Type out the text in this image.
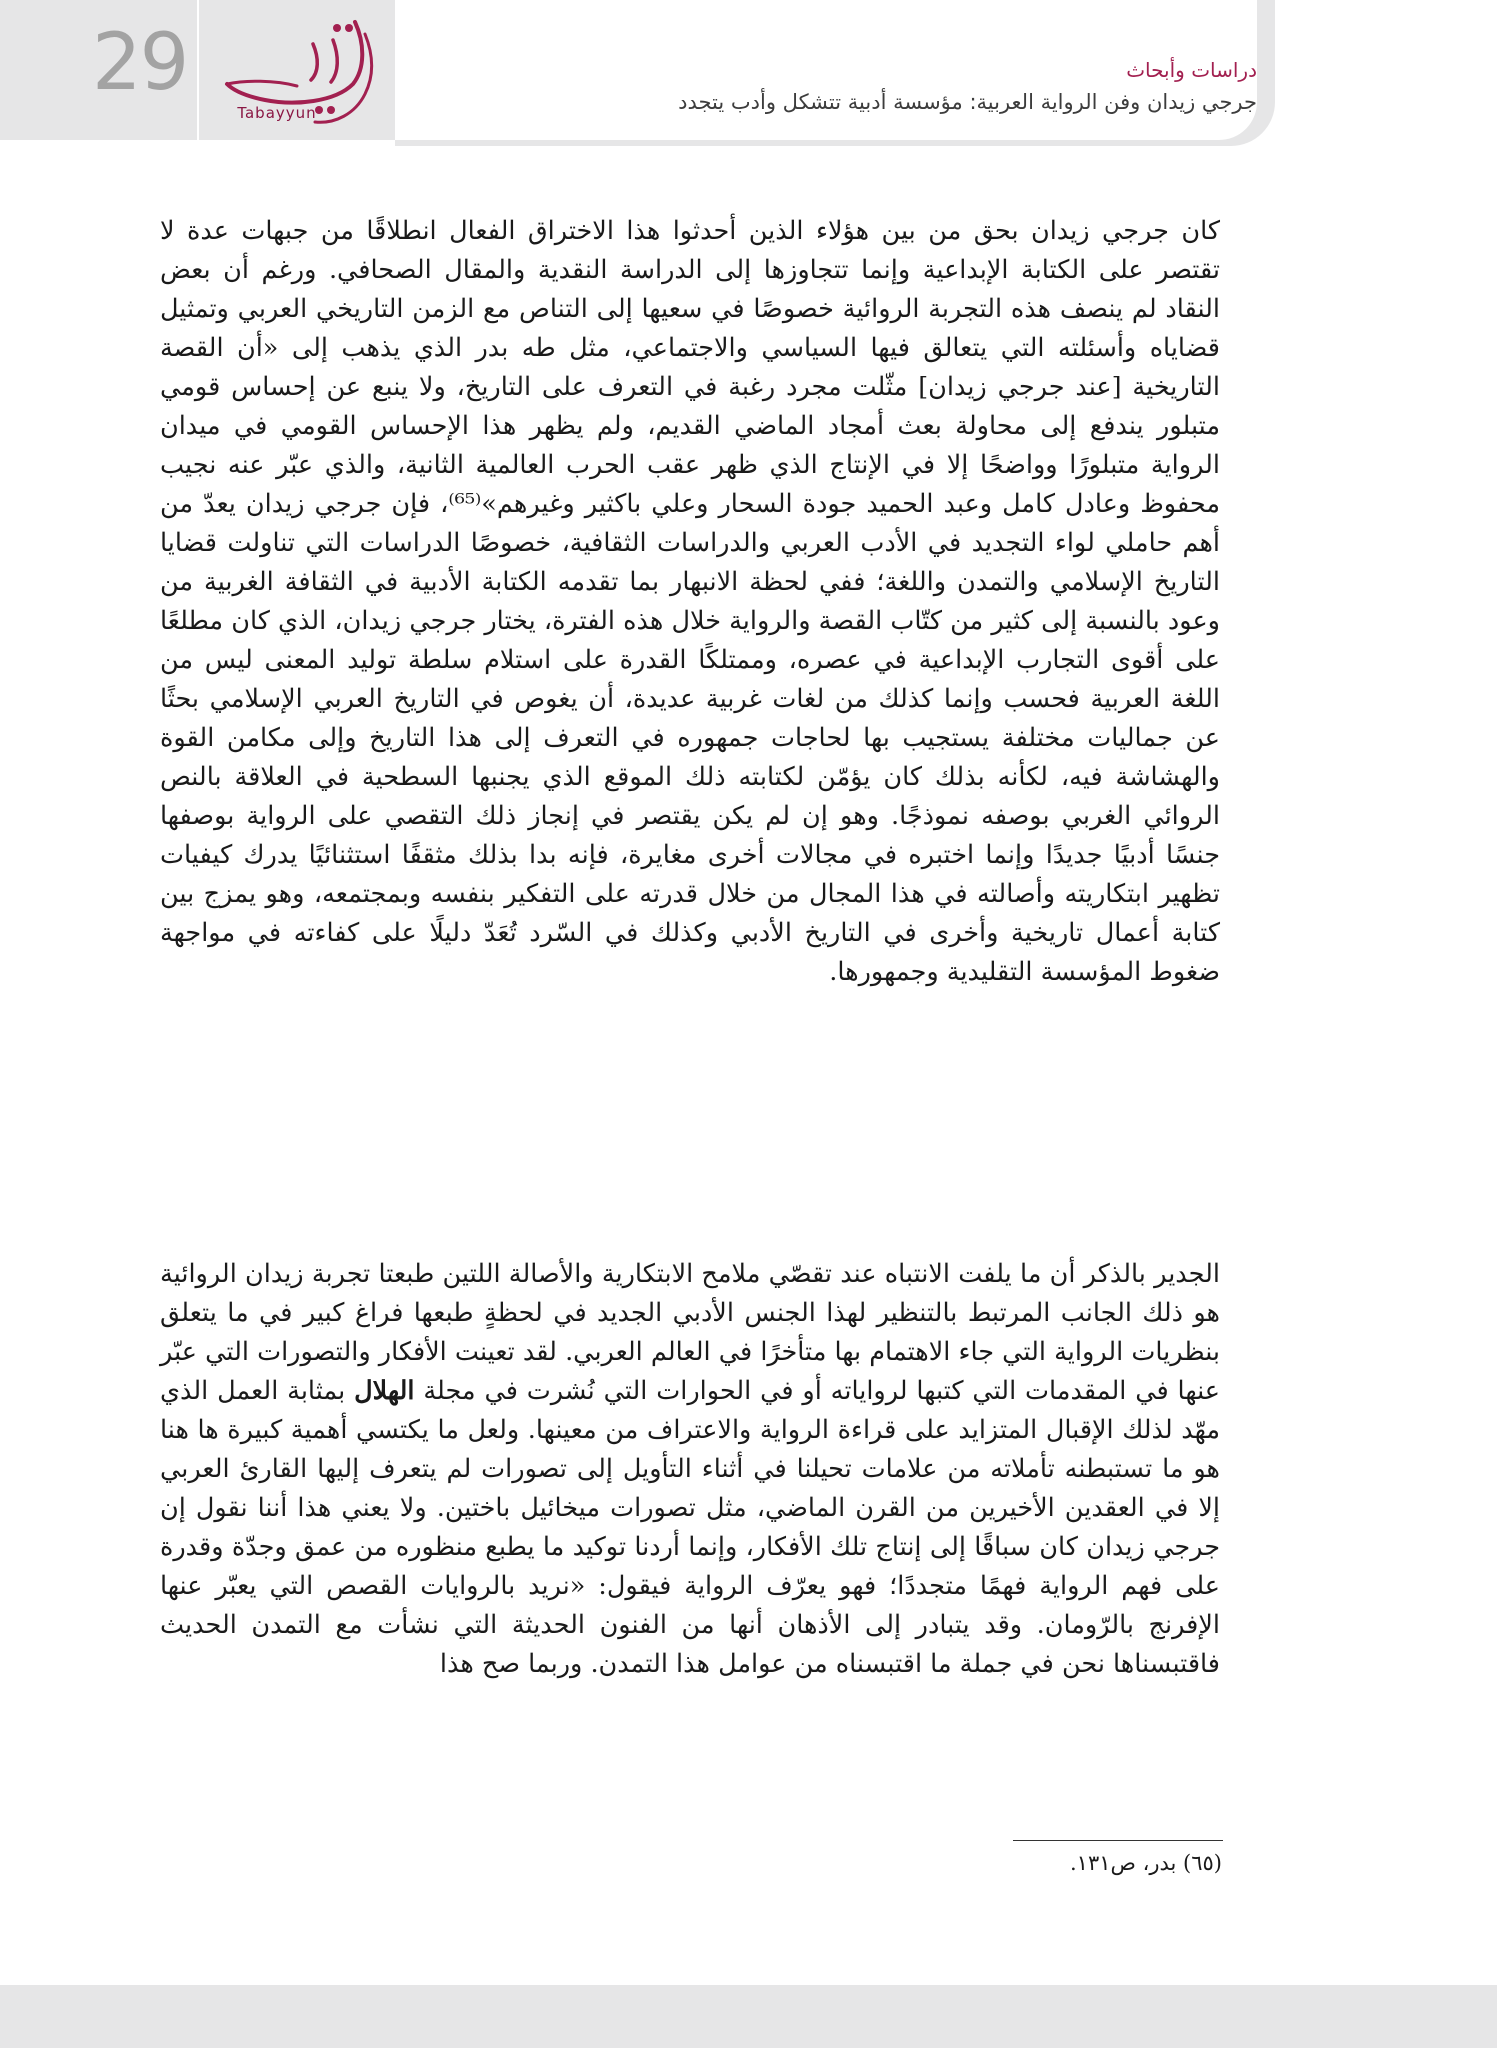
29
Tabayyun
دراسات وأبحاث
جرجي زيدان وفن الرواية العربية: مؤسسة أدبية تتشكل وأدب يتجدد

كان جرجي زيدان بحق من بين هؤلاء الذين أحدثوا هذا الاختراق الفعال انطلاقًا من جبهات عدة لا تقتصر على الكتابة الإبداعية وإنما تتجاوزها إلى الدراسة النقدية والمقال الصحافي. ورغم أن بعض النقاد لم ينصف هذه التجربة الروائية خصوصًا في سعيها إلى التناص مع الزمن التاريخي العربي وتمثيل قضاياه وأسئلته التي يتعالق فيها السياسي والاجتماعي، مثل طه بدر الذي يذهب إلى «أن القصة التاريخية [عند جرجي زيدان] مثّلت مجرد رغبة في التعرف على التاريخ، ولا ينبع عن إحساس قومي متبلور يندفع إلى محاولة بعث أمجاد الماضي القديم، ولم يظهر هذا الإحساس القومي في ميدان الرواية متبلورًا وواضحًا إلا في الإنتاج الذي ظهر عقب الحرب العالمية الثانية، والذي عبّر عنه نجيب محفوظ وعادل كامل وعبد الحميد جودة السحار وعلي باكثير وغيرهم»⁽⁶⁵⁾، فإن جرجي زيدان يعدّ من أهم حاملي لواء التجديد في الأدب العربي والدراسات الثقافية، خصوصًا الدراسات التي تناولت قضايا التاريخ الإسلامي والتمدن واللغة؛ ففي لحظة الانبهار بما تقدمه الكتابة الأدبية في الثقافة الغربية من وعود بالنسبة إلى كثير من كتّاب القصة والرواية خلال هذه الفترة، يختار جرجي زيدان، الذي كان مطلعًا على أقوى التجارب الإبداعية في عصره، وممتلكًا القدرة على استلام سلطة توليد المعنى ليس من اللغة العربية فحسب وإنما كذلك من لغات غربية عديدة، أن يغوص في التاريخ العربي الإسلامي بحثًا عن جماليات مختلفة يستجيب بها لحاجات جمهوره في التعرف إلى هذا التاريخ وإلى مكامن القوة والهشاشة فيه، لكأنه بذلك كان يؤمّن لكتابته ذلك الموقع الذي يجنبها السطحية في العلاقة بالنص الروائي الغربي بوصفه نموذجًا. وهو إن لم يكن يقتصر في إنجاز ذلك التقصي على الرواية بوصفها جنسًا أدبيًا جديدًا وإنما اختبره في مجالات أخرى مغايرة، فإنه بدا بذلك مثقفًا استثنائيًا يدرك كيفيات تظهير ابتكاريته وأصالته في هذا المجال من خلال قدرته على التفكير بنفسه وبمجتمعه، وهو يمزج بين كتابة أعمال تاريخية وأخرى في التاريخ الأدبي وكذلك في السّرد تُعَدّ دليلًا على كفاءته في مواجهة ضغوط المؤسسة التقليدية وجمهورها.

الجدير بالذكر أن ما يلفت الانتباه عند تقصّي ملامح الابتكارية والأصالة اللتين طبعتا تجربة زيدان الروائية هو ذلك الجانب المرتبط بالتنظير لهذا الجنس الأدبي الجديد في لحظةٍ طبعها فراغ كبير في ما يتعلق بنظريات الرواية التي جاء الاهتمام بها متأخرًا في العالم العربي. لقد تعينت الأفكار والتصورات التي عبّر عنها في المقدمات التي كتبها لرواياته أو في الحوارات التي نُشرت في مجلة الهلال بمثابة العمل الذي مهّد لذلك الإقبال المتزايد على قراءة الرواية والاعتراف من معينها. ولعل ما يكتسي أهمية كبيرة ها هنا هو ما تستبطنه تأملاته من علامات تحيلنا في أثناء التأويل إلى تصورات لم يتعرف إليها القارئ العربي إلا في العقدين الأخيرين من القرن الماضي، مثل تصورات ميخائيل باختين. ولا يعني هذا أننا نقول إن جرجي زيدان كان سباقًا إلى إنتاج تلك الأفكار، وإنما أردنا توكيد ما يطبع منظوره من عمق وجدّة وقدرة على فهم الرواية فهمًا متجددًا؛ فهو يعرّف الرواية فيقول: «نريد بالروايات القصص التي يعبّر عنها الإفرنج بالرّومان. وقد يتبادر إلى الأذهان أنها من الفنون الحديثة التي نشأت مع التمدن الحديث فاقتبسناها نحن في جملة ما اقتبسناه من عوامل هذا التمدن. وربما صح هذا

(٦٥) بدر، ص١٣١.
